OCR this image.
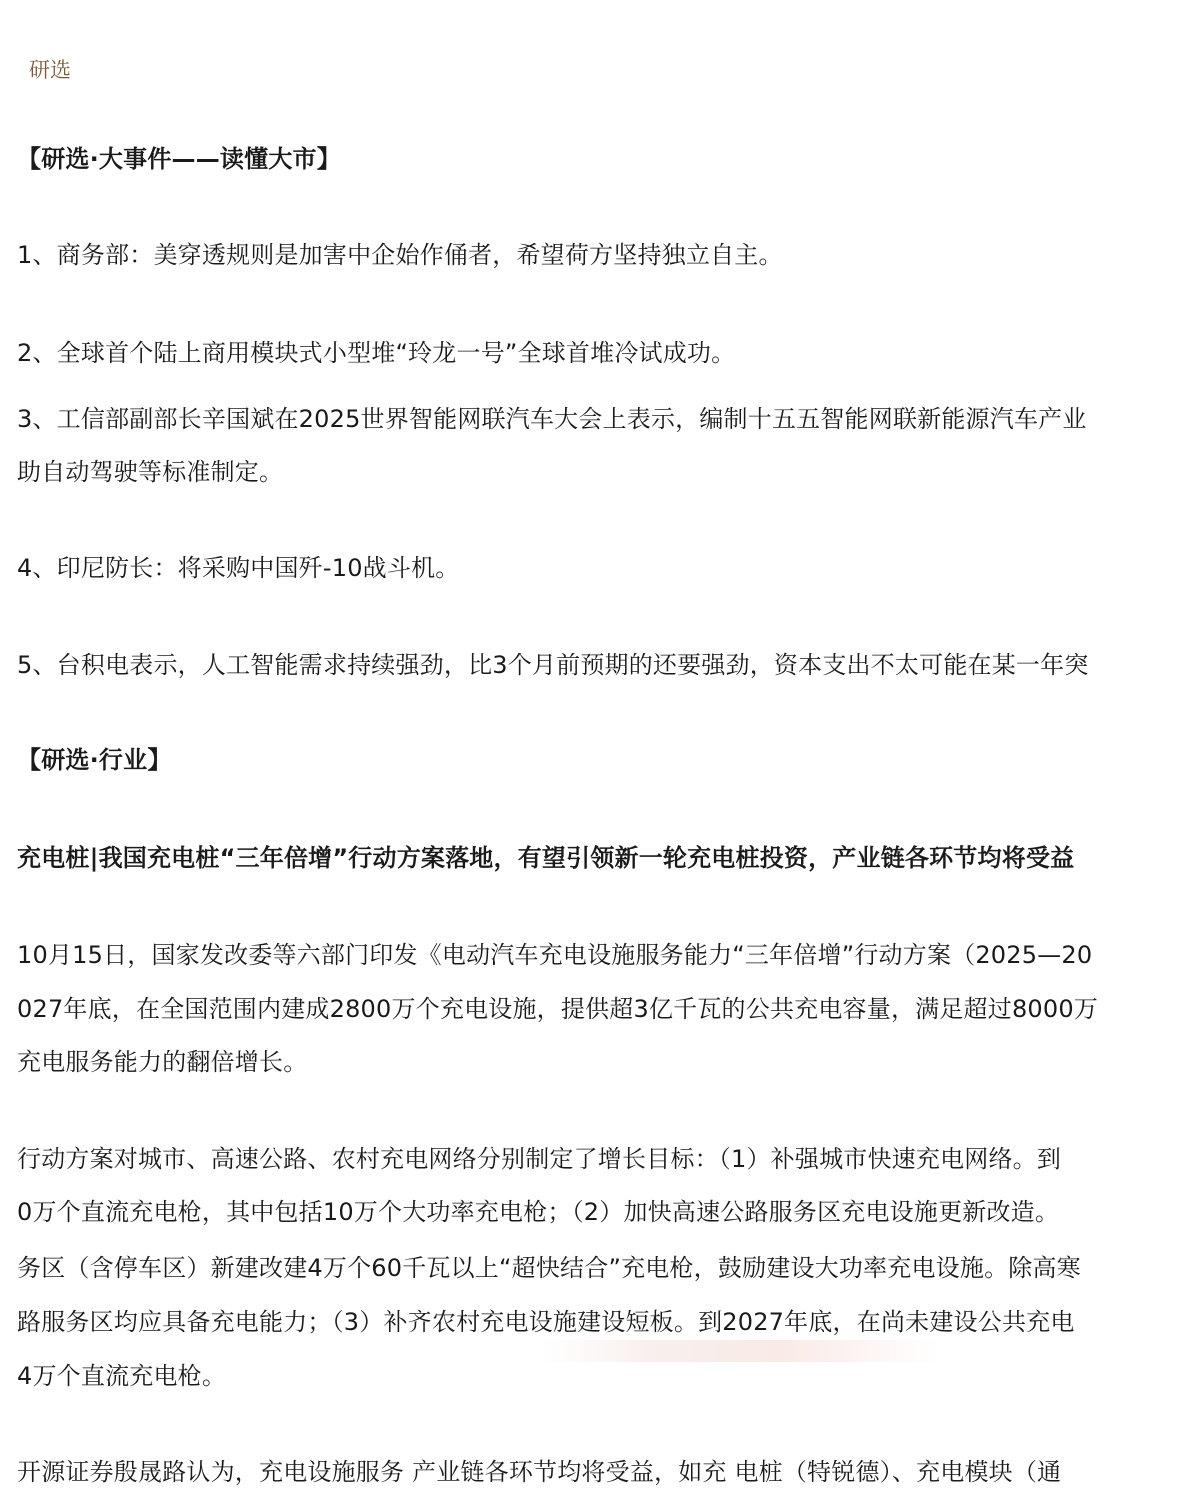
研选
【研选·大事件——读懂大市】
1、商务部：美穿透规则是加害中企始作俑者，希望荷方坚持独立自主。
2、全球首个陆上商用模块式小型堆“玲龙一号”全球首堆冷试成功。
3、工信部副部长辛国斌在2025世界智能网联汽车大会上表示，编制十五五智能网联新能源汽车产业
助自动驾驶等标准制定。
4、印尼防长：将采购中国歼-10战斗机。
5、台积电表示，人工智能需求持续强劲，比3个月前预期的还要强劲，资本支出不太可能在某一年突
【研选·行业】
充电桩|我国充电桩“三年倍增”行动方案落地，有望引领新一轮充电桩投资，产业链各环节均将受益
10月15日，国家发改委等六部门印发《电动汽车充电设施服务能力“三年倍增”行动方案（2025—20
027年底，在全国范围内建成2800万个充电设施，提供超3亿千瓦的公共充电容量，满足超过8000万
充电服务能力的翻倍增长。
行动方案对城市、高速公路、农村充电网络分别制定了增长目标：（1）补强城市快速充电网络。到
0万个直流充电枪，其中包括10万个大功率充电枪；（2）加快高速公路服务区充电设施更新改造。
务区（含停车区）新建改建4万个60千瓦以上“超快结合”充电枪，鼓励建设大功率充电设施。除高寒
路服务区均应具备充电能力；（3）补齐农村充电设施建设短板。到2027年底，在尚未建设公共充电
4万个直流充电枪。
开源证券殷晟路认为，充电设施服务 产业链各环节均将受益，如充 电桩（特锐德）、充电模块（通
